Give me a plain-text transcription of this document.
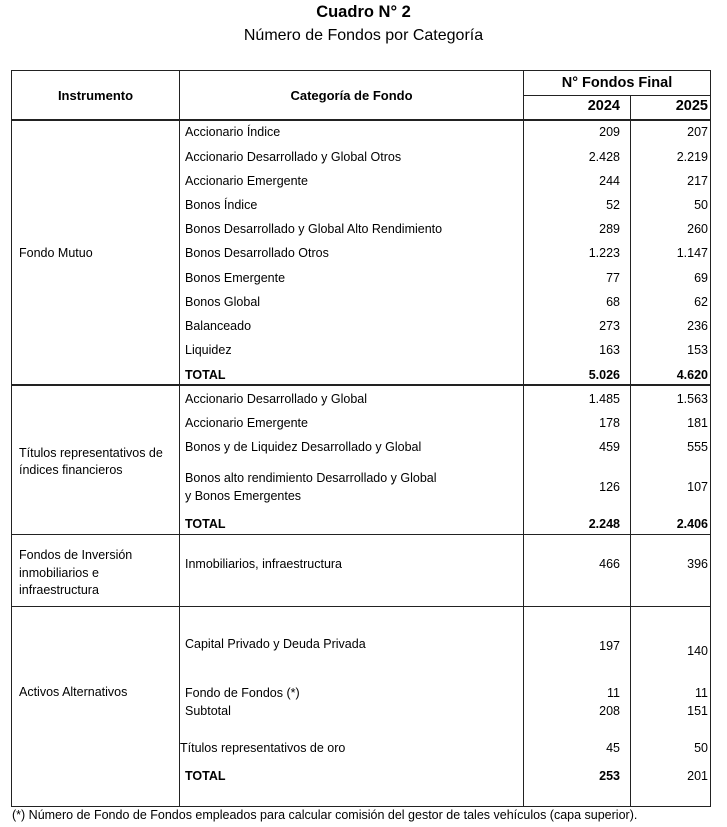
Cuadro N° 2
Número de Fondos por Categoría
Instrumento	Categoría de Fondo
N° Fondos Final
2024	2025
Fondo Mutuo
Accionario Índice	209	207
Accionario Desarrollado y Global Otros	2.428	2.219
Accionario Emergente	244	217
Bonos Índice	52	50
Bonos Desarrollado y Global Alto Rendimiento	289	260
Bonos Desarrollado Otros	1.223	1.147
Bonos Emergente	77	69
Bonos Global	68	62
Balanceado	273	236
Liquidez	163	153
TOTAL	5.026	4.620
Títulos representativos de
índices financieros
Accionario Desarrollado y Global	1.485	1.563
Accionario Emergente	178	181
Bonos y de Liquidez Desarrollado y Global	459	555
Bonos alto rendimiento Desarrollado y Global
y Bonos Emergentes
126	107
TOTAL	2.248	2.406
Fondos de Inversión
inmobiliarios e
infraestructura
Inmobiliarios, infraestructura	466	396
Activos Alternativos
Capital Privado y Deuda Privada	197	140
Fondo de Fondos (*)	11	11
Subtotal	208	151
Títulos representativos de oro	45	50
TOTAL	253	201
(*) Número de Fondo de Fondos empleados para calcular comisión del gestor de tales vehículos (capa superior).
